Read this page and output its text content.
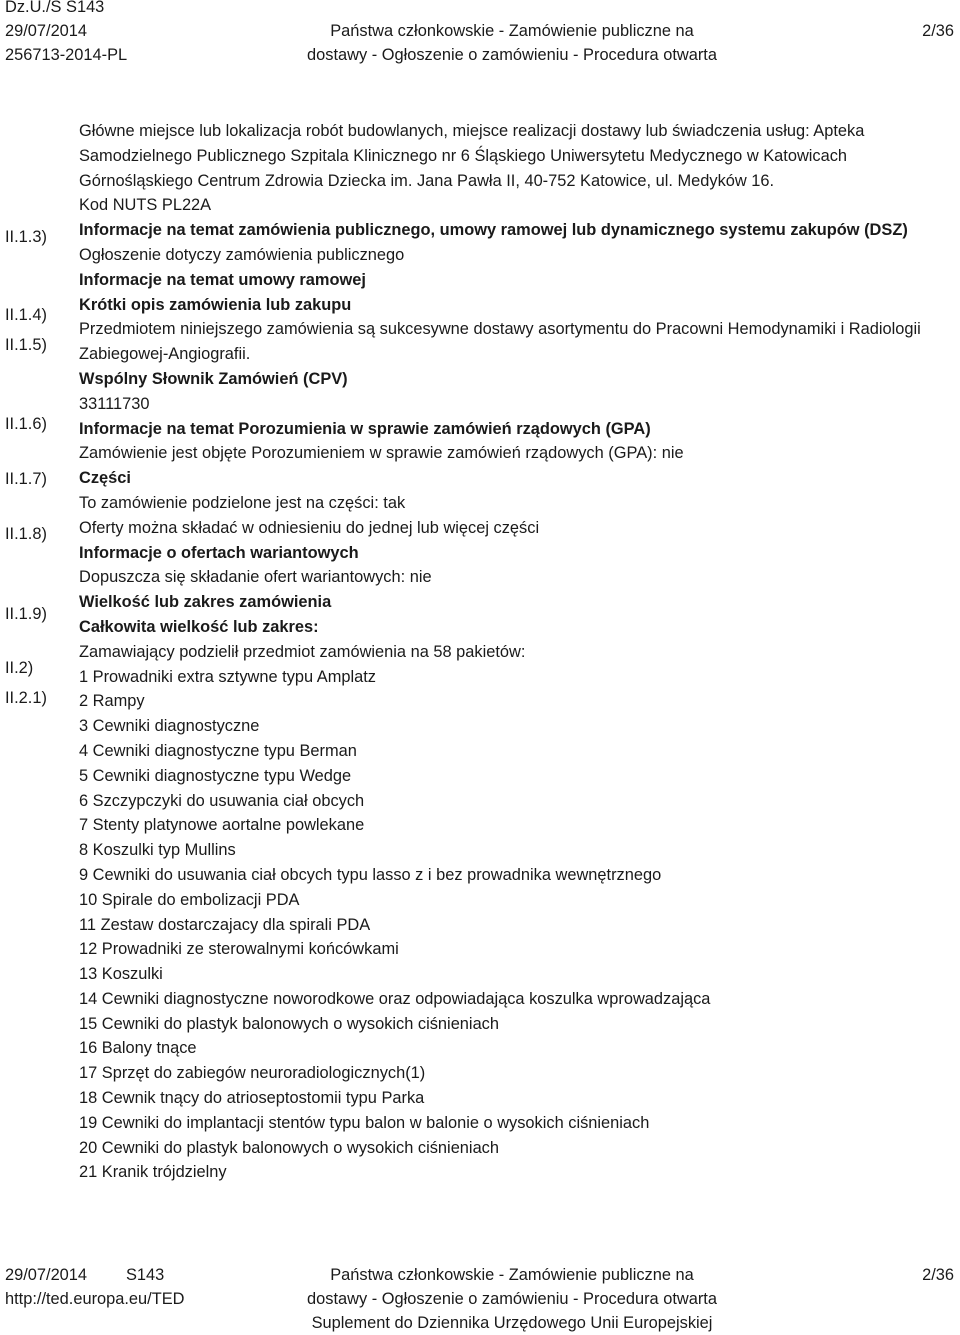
Dz.U./S S143
29/07/2014
256713-2014-PL
Państwa członkowskie - Zamówienie publiczne na
dostawy - Ogłoszenie o zamówieniu - Procedura otwarta
2/36
II.1.3)
II.1.4)
II.1.5)
II.1.6)
II.1.7)
II.1.8)
II.1.9)
II.2)
II.2.1)

Główne miejsce lub lokalizacja robót budowlanych, miejsce realizacji dostawy lub świadczenia usług: Apteka Samodzielnego Publicznego Szpitala Klinicznego nr 6 Śląskiego Uniwersytetu Medycznego w Katowicach Górnośląskiego Centrum Zdrowia Dziecka im. Jana Pawła II, 40-752 Katowice, ul. Medyków 16.

Kod NUTS PL22A

Informacje na temat zamówienia publicznego, umowy ramowej lub dynamicznego systemu zakupów (DSZ)

Ogłoszenie dotyczy zamówienia publicznego

Informacje na temat umowy ramowej

Krótki opis zamówienia lub zakupu

Przedmiotem niniejszego zamówienia są sukcesywne dostawy asortymentu do Pracowni Hemodynamiki i Radiologii Zabiegowej-Angiografii.

Wspólny Słownik Zamówień (CPV)

33111730

Informacje na temat Porozumienia w sprawie zamówień rządowych (GPA)

Zamówienie jest objęte Porozumieniem w sprawie zamówień rządowych (GPA): nie

Części

To zamówienie podzielone jest na części: tak

Oferty można składać w odniesieniu do jednej lub więcej części

Informacje o ofertach wariantowych

Dopuszcza się składanie ofert wariantowych: nie

Wielkość lub zakres zamówienia

Całkowita wielkość lub zakres:

Zamawiający podzielił przedmiot zamówienia na 58 pakietów:

1 Prowadniki extra sztywne typu Amplatz

2 Rampy

3 Cewniki diagnostyczne

4 Cewniki diagnostyczne typu Berman

5 Cewniki diagnostyczne typu Wedge

6 Szczypczyki do usuwania ciał obcych

7 Stenty platynowe aortalne powlekane

8 Koszulki typ Mullins

9 Cewniki do usuwania ciał obcych typu lasso z i bez prowadnika wewnętrznego

10 Spirale do embolizacji PDA

11 Zestaw dostarczajacy dla spirali PDA

12 Prowadniki ze sterowalnymi końcówkami

13 Koszulki

14 Cewniki diagnostyczne noworodkowe oraz odpowiadająca koszulka wprowadzająca

15 Cewniki do plastyk balonowych o wysokich ciśnieniach

16 Balony tnące

17 Sprzęt do zabiegów neuroradiologicznych(1)

18 Cewnik tnący do atrioseptostomii typu Parka

19 Cewniki do implantacji stentów typu balon w balonie o wysokich ciśnieniach

20 Cewniki do plastyk balonowych o wysokich ciśnieniach

21 Kranik trójdzielny

29/07/2014 S143
http://ted.europa.eu/TED
Państwa członkowskie - Zamówienie publiczne na
dostawy - Ogłoszenie o zamówieniu - Procedura otwarta
Suplement do Dziennika Urzędowego Unii Europejskiej
2/36
